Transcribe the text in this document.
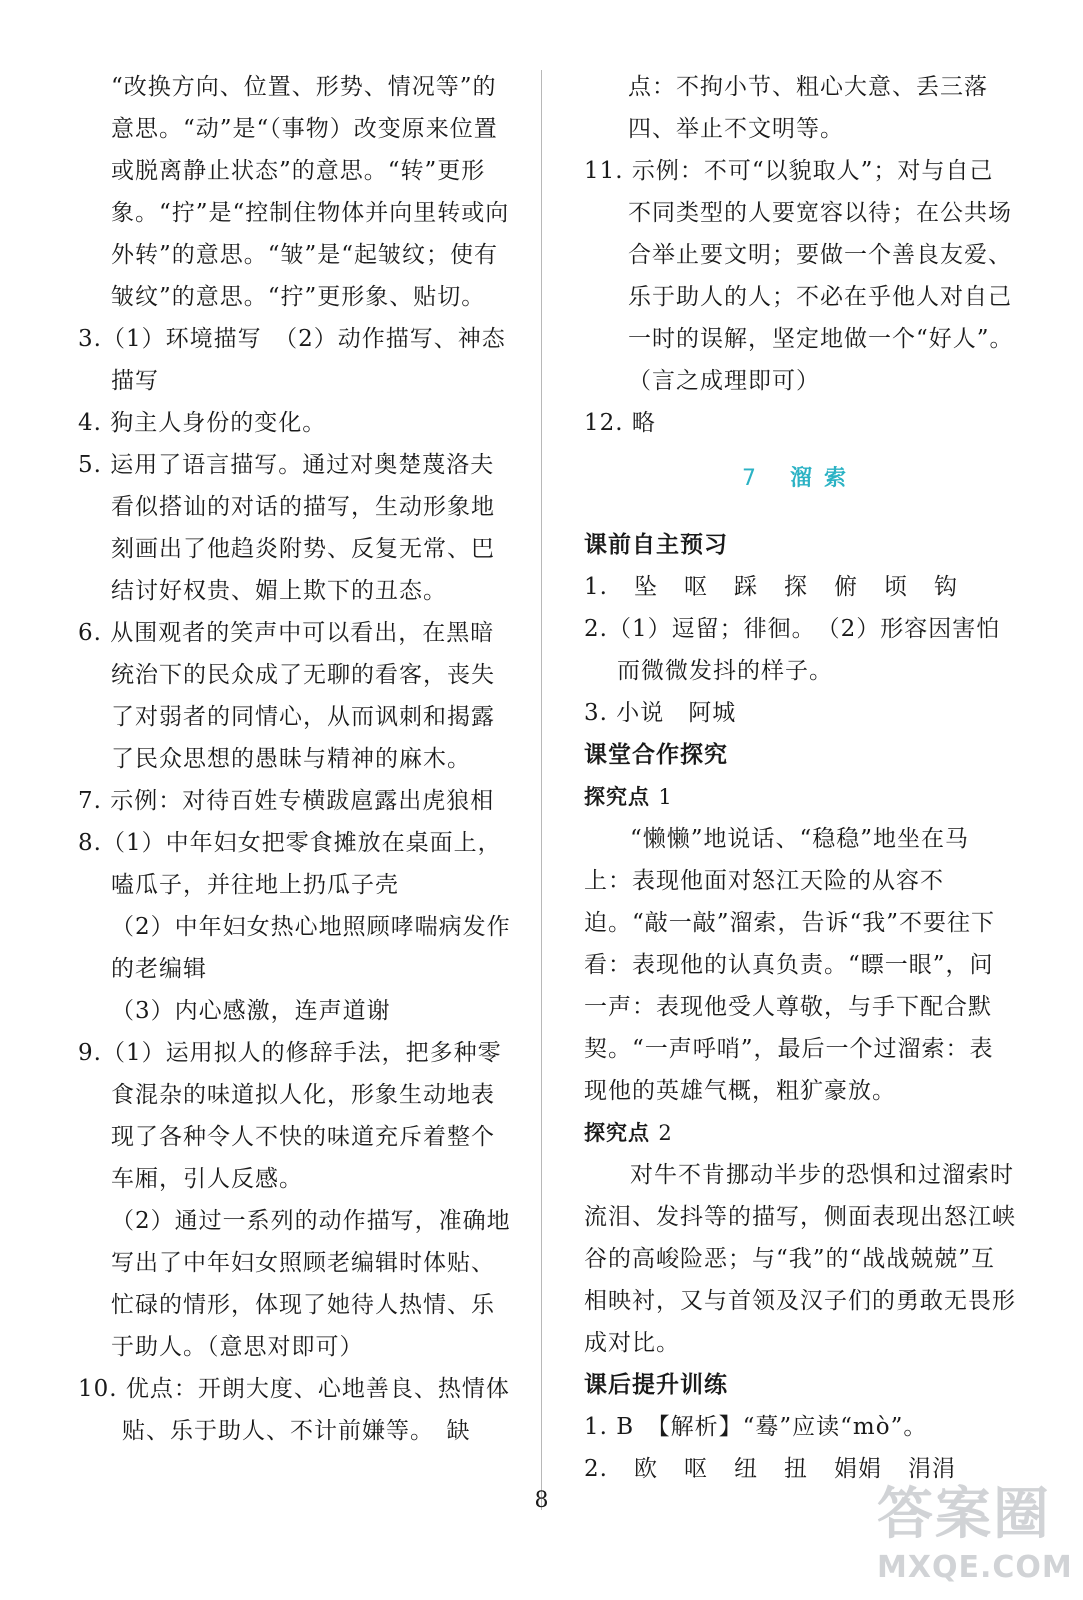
“改换方向、位置、形势、情况等”的意思。“动”是“（事物）改变原来位置或脱离静止状态”的意思。“转”更形象。“拧”是“控制住物体并向里转或向外转”的意思。“皱”是“起皱纹；使有皱纹”的意思。“拧”更形象、贴切。

3.（1）环境描写　（2）动作描写、神态描写

4. 狗主人身份的变化。

5. 运用了语言描写。通过对奥楚蔑洛夫看似搭讪的对话的描写，生动形象地刻画出了他趋炎附势、反复无常、巴结讨好权贵、媚上欺下的丑态。

6. 从围观者的笑声中可以看出，在黑暗统治下的民众成了无聊的看客，丧失了对弱者的同情心，从而讽刺和揭露了民众思想的愚昧与精神的麻木。

7. 示例：对待百姓专横跋扈露出虎狼相

8.（1）中年妇女把零食摊放在桌面上，嗑瓜子，并往地上扔瓜子壳

（2）中年妇女热心地照顾哮喘病发作的老编辑

（3）内心感激，连声道谢

9.（1）运用拟人的修辞手法，把多种零食混杂的味道拟人化，形象生动地表现了各种令人不快的味道充斥着整个车厢，引人反感。

（2）通过一系列的动作描写，准确地写出了中年妇女照顾老编辑时体贴、忙碌的情形，体现了她待人热情、乐于助人。（意思对即可）

10. 优点：开朗大度、心地善良、热情体贴、乐于助人、不计前嫌等。　缺

点：不拘小节、粗心大意、丢三落四、举止不文明等。

11. 示例：不可“以貌取人”；对与自己不同类型的人要宽容以待；在公共场合举止要文明；要做一个善良友爱、乐于助人的人；不必在乎他人对自己一时的误解，坚定地做一个“好人”。（言之成理即可）

12. 略

7 溜索

课前自主预习

1. 坠 呕 踩 探 俯 顷 钩

2.（1）逗留；徘徊。　（2）形容因害怕而微微发抖的样子。

3. 小说　阿城

课堂合作探究

探究点 1

“懒懒”地说话、“稳稳”地坐在马上：表现他面对怒江天险的从容不迫。“敲一敲”溜索，告诉“我”不要往下看：表现他的认真负责。“瞟一眼”，问一声：表现他受人尊敬，与手下配合默契。“一声呼哨”，最后一个过溜索：表现他的英雄气概，粗犷豪放。

探究点 2

对牛不肯挪动半步的恐惧和过溜索时流泪、发抖等的描写，侧面表现出怒江峡谷的高峻险恶；与“我”的“战战兢兢”互相映衬，又与首领及汉子们的勇敢无畏形成对比。

课后提升训练

1. B　【解析】“蓦”应读“mò”。

2. 欧 呕 纽 扭 娟娟 涓涓

8	答案圈
MXQE.COM
